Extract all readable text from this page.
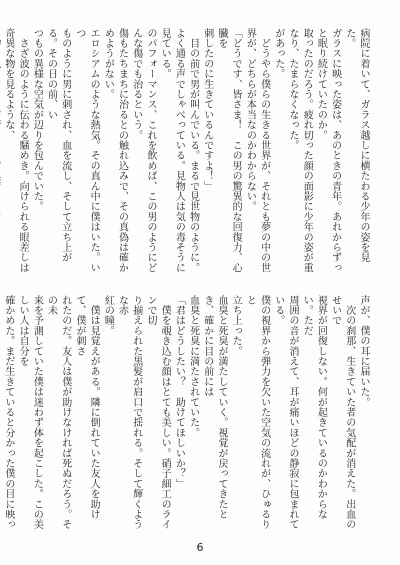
病院に着いて、ガラス越しに横たわる少年の姿を見た。
ガラスに映った姿は、あのときの青年。あれからずっと眠り続けていたのか。
取ったのだろう。疲れ切った顔の面影に少年の姿が重なり、たまらなくなった。
があった。
　どうやら僕らの生きる世界が、それとも夢の中の世界が、どちらが本当なのかわからない。
「どうです、皆さま！　この男の驚異的な回復力、心臓を
刺したのに生きているんですよ！」
　目の前で男が叫んでいる。まるで見世物のように。
よく通る声でしゃべっている。見物人は気の毒そうに見ている。
のパフォーマンス、これを飲めば、この男のようにどんな傷でも治るという。
傷もたちまちに治るとの触れ込みで、その真偽は確かめようがない。
エロシアムのような熱気。その真ん中に僕はいた。いつ
ものように男に刺され、血を流し、そして立ち上がる。その日の前、い
つもの異様な空気が辺りを包んでいた。
　さざ波のように伝わる騒めき。向けられる眼差しは奇異な物を見るような、

声が、僕の耳に届いた。
　次の刹那、生きていた者の気配が消えた。出血のせいで
視界が回復しない。何が起きているのかわからない。ただ
周囲の音が消えて、耳が痛いほどの静寂に包まれている。
僕の視界から弾力を欠いた空気の流れが、ひゅるりと
立ち上った。
血臭と死臭が満たしていく。視覚が戻ってきたとき、確かに目の前には
血臭と死臭に満たされていた。
「君はどうしたい？　助けてほしいか？」
　僕を覗き込む顔はとても美しい。硝子細工のラインで切
り揃えられた黒髪が肩口で揺れる。そして輝くような赤
紅の瞳。
　僕は見覚えがある。隣に倒れていた友人を助けて、僕が刺さ
れたのだ。友人は僕が助けなければ死ぬだろう。その未
来を予測していた僕は迷わず体を起こした。この美しい人は自分を
確かめた。まだ生きていると分かった僕の目に映っ

6
